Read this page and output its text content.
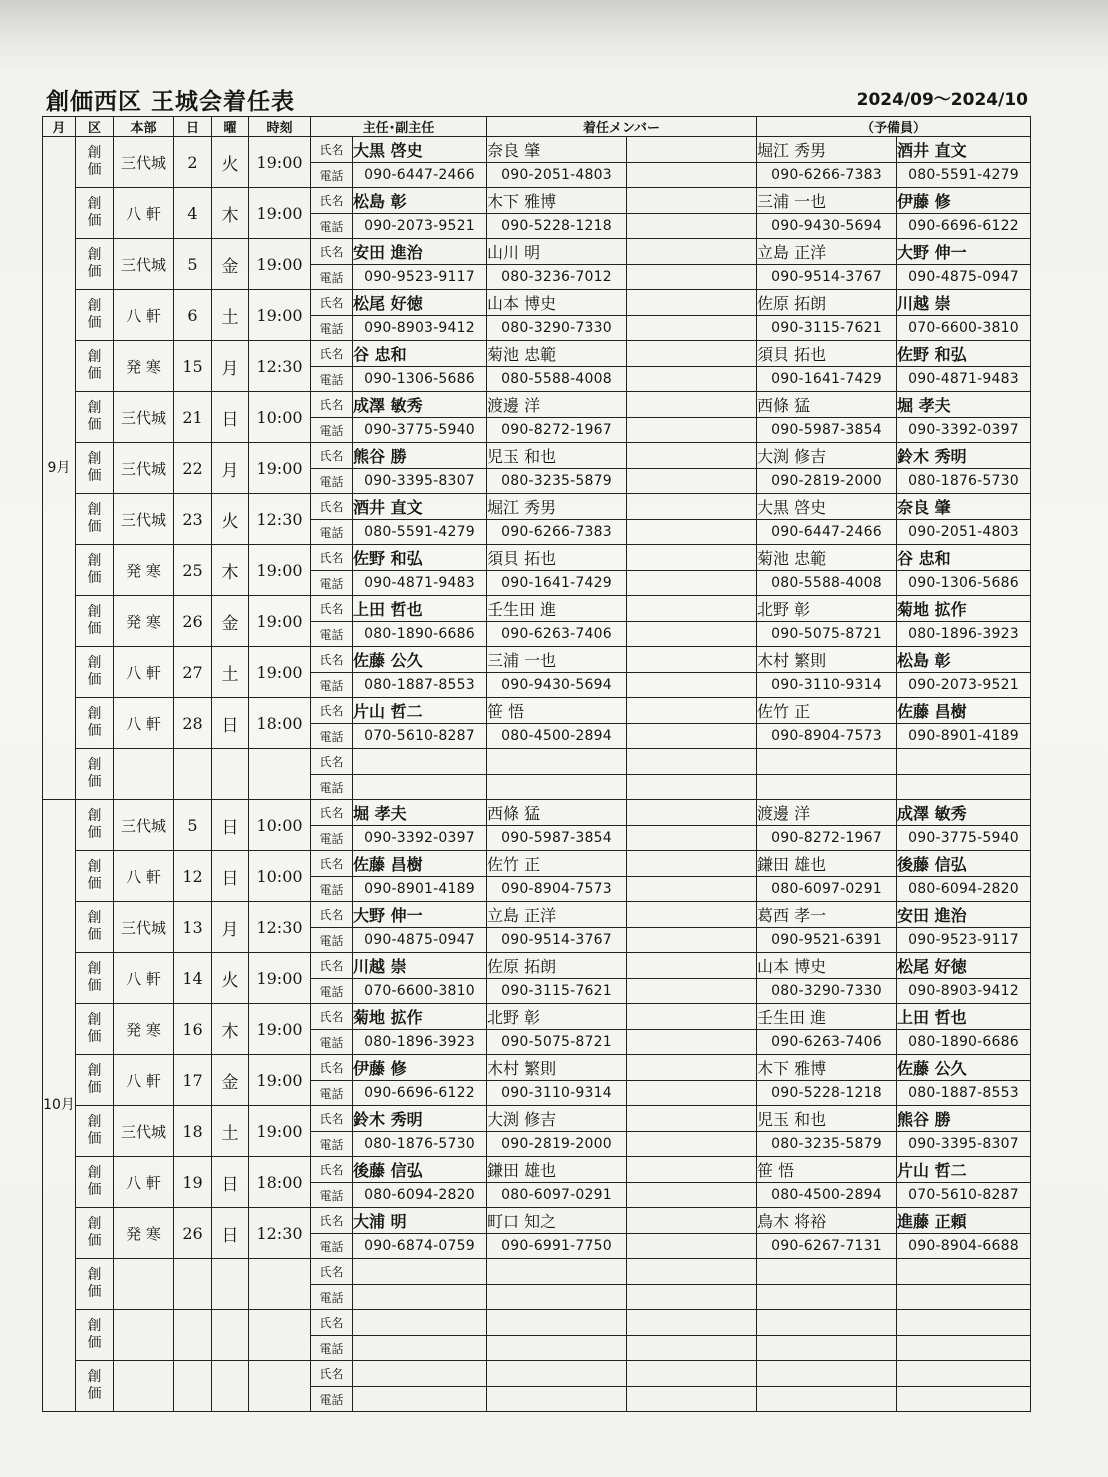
創価西区 王城会着任表	2024/09〜2024/10
月	区	本部	日	曜	時刻	主任･副主任		着任メンバー		（予備員）	
9月	創
価	三代城	2	火	19:00	氏名	大黒 啓史	奈良 肇		堀江 秀男	酒井 直文
						電話	090-6447-2466	090-2051-4803		090-6266-7383	080-5591-4279

	創
価	八 軒	4	木	19:00	氏名	松島 彰	木下 雅博		三浦 一也	伊藤 修
						電話	090-2073-9521	090-5228-1218		090-9430-5694	090-6696-6122

	創
価	三代城	5	金	19:00	氏名	安田 進治	山川 明		立島 正洋	大野 伸一
						電話	090-9523-9117	080-3236-7012		090-9514-3767	090-4875-0947

	創
価	八 軒	6	土	19:00	氏名	松尾 好徳	山本 博史		佐原 拓朗	川越 崇
						電話	090-8903-9412	080-3290-7330		090-3115-7621	070-6600-3810

	創
価	発 寒	15	月	12:30	氏名	谷 忠和	菊池 忠範		須貝 拓也	佐野 和弘
						電話	090-1306-5686	080-5588-4008		090-1641-7429	090-4871-9483

	創
価	三代城	21	日	10:00	氏名	成澤 敏秀	渡邊 洋		西條 猛	堀 孝夫
						電話	090-3775-5940	090-8272-1967		090-5987-3854	090-3392-0397

	創
価	三代城	22	月	19:00	氏名	熊谷 勝	児玉 和也		大渕 修吉	鈴木 秀明
						電話	090-3395-8307	080-3235-5879		090-2819-2000	080-1876-5730

	創
価	三代城	23	火	12:30	氏名	酒井 直文	堀江 秀男		大黒 啓史	奈良 肇
						電話	080-5591-4279	090-6266-7383		090-6447-2466	090-2051-4803

	創
価	発 寒	25	木	19:00	氏名	佐野 和弘	須貝 拓也		菊池 忠範	谷 忠和
						電話	090-4871-9483	090-1641-7429		080-5588-4008	090-1306-5686

	創
価	発 寒	26	金	19:00	氏名	上田 哲也	壬生田 進		北野 彰	菊地 拡作
						電話	080-1890-6686	090-6263-7406		090-5075-8721	080-1896-3923

	創
価	八 軒	27	土	19:00	氏名	佐藤 公久	三浦 一也		木村 繁則	松島 彰
						電話	080-1887-8553	090-9430-5694		090-3110-9314	090-2073-9521

	創
価	八 軒	28	日	18:00	氏名	片山 哲二	笹 悟		佐竹 正	佐藤 昌樹
						電話	070-5610-8287	080-4500-2894		090-8904-7573	090-8901-4189

	創
価					氏名					
						電話					
10月	創
価	三代城	5	日	10:00	氏名	堀 孝夫	西條 猛		渡邊 洋	成澤 敏秀
						電話	090-3392-0397	090-5987-3854		090-8272-1967	090-3775-5940

	創
価	八 軒	12	日	10:00	氏名	佐藤 昌樹	佐竹 正		鎌田 雄也	後藤 信弘
						電話	090-8901-4189	090-8904-7573		080-6097-0291	080-6094-2820

	創
価	三代城	13	月	12:30	氏名	大野 伸一	立島 正洋		葛西 孝一	安田 進治
						電話	090-4875-0947	090-9514-3767		090-9521-6391	090-9523-9117

	創
価	八 軒	14	火	19:00	氏名	川越 崇	佐原 拓朗		山本 博史	松尾 好徳
						電話	070-6600-3810	090-3115-7621		080-3290-7330	090-8903-9412

	創
価	発 寒	16	木	19:00	氏名	菊地 拡作	北野 彰		壬生田 進	上田 哲也
						電話	080-1896-3923	090-5075-8721		090-6263-7406	080-1890-6686

	創
価	八 軒	17	金	19:00	氏名	伊藤 修	木村 繁則		木下 雅博	佐藤 公久
						電話	090-6696-6122	090-3110-9314		090-5228-1218	080-1887-8553

	創
価	三代城	18	土	19:00	氏名	鈴木 秀明	大渕 修吉		児玉 和也	熊谷 勝
						電話	080-1876-5730	090-2819-2000		080-3235-5879	090-3395-8307

	創
価	八 軒	19	日	18:00	氏名	後藤 信弘	鎌田 雄也		笹 悟	片山 哲二
						電話	080-6094-2820	080-6097-0291		080-4500-2894	070-5610-8287

	創
価	発 寒	26	日	12:30	氏名	大浦 明	町口 知之		鳥木 将裕	進藤 正頼
						電話	090-6874-0759	090-6991-7750		090-6267-7131	090-8904-6688

	創
価					氏名					
						電話					

	創
価					氏名					
						電話					

	創
価					氏名					
						電話					
